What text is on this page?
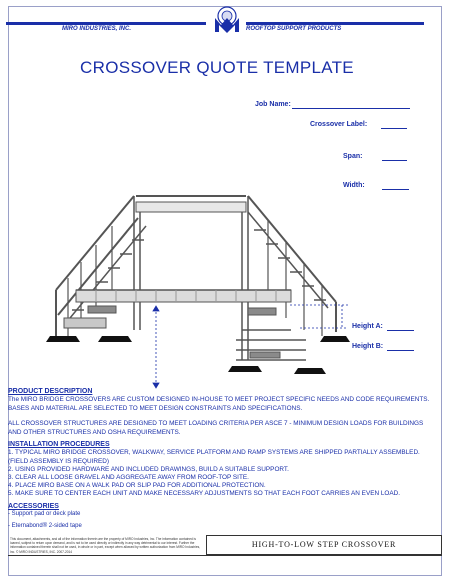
MIRO INDUSTRIES, INC.	ROOFTOP SUPPORT PRODUCTS
CROSSOVER QUOTE TEMPLATE
Job Name:
Crossover Label:
Span:
Width:
Height A:
Height B:
PRODUCT DESCRIPTION
The MIRO BRIDGE CROSSOVERS ARE CUSTOM DESIGNED IN-HOUSE TO MEET PROJECT SPECIFIC NEEDS AND CODE REQUIREMENTS. BASES AND MATERIAL ARE SELECTED TO MEET DESIGN CONSTRAINTS AND SPECIFICATIONS.
ALL CROSSOVER STRUCTURES ARE DESIGNED TO MEET LOADING CRITERIA PER ASCE 7 - MINIMUM DESIGN LOADS FOR BUILDINGS AND OTHER STRUCTURES AND OSHA REQUIREMENTS.
INSTALLATION PROCEDURES
1. TYPICAL MIRO BRIDGE CROSSOVER, WALKWAY, SERVICE PLATFORM AND RAMP SYSTEMS ARE SHIPPED PARTIALLY ASSEMBLED. (FIELD ASSEMBLY IS REQUIRED)
2. USING PROVIDED HARDWARE AND INCLUDED DRAWINGS, BUILD A SUITABLE SUPPORT.
3. CLEAR ALL LOOSE GRAVEL AND AGGREGATE AWAY FROM ROOF-TOP SITE.
4. PLACE MIRO BASE ON A WALK PAD OR SLIP PAD FOR ADDITIONAL PROTECTION.
5. MAKE SURE TO CENTER EACH UNIT AND MAKE NECESSARY ADJUSTMENTS SO THAT EACH FOOT CARRIES AN EVEN LOAD.
ACCESSORIES
- Support pad or deck plate
- Eternabond® 2-sided tape
This document, attachments, and all of the information therein are the property of MIRO Industries, Inc. The information contained is loaned, subject to return upon demand, and is not to be used directly or indirectly in any way detrimental to our interest. Further the information contained therein shall not be used, in whole or in part, except when allowed by written authorization from MIRO Industries, Inc. © MIRO INDUSTRIES, INC. 2007-2014
HIGH-TO-LOW STEP CROSSOVER
